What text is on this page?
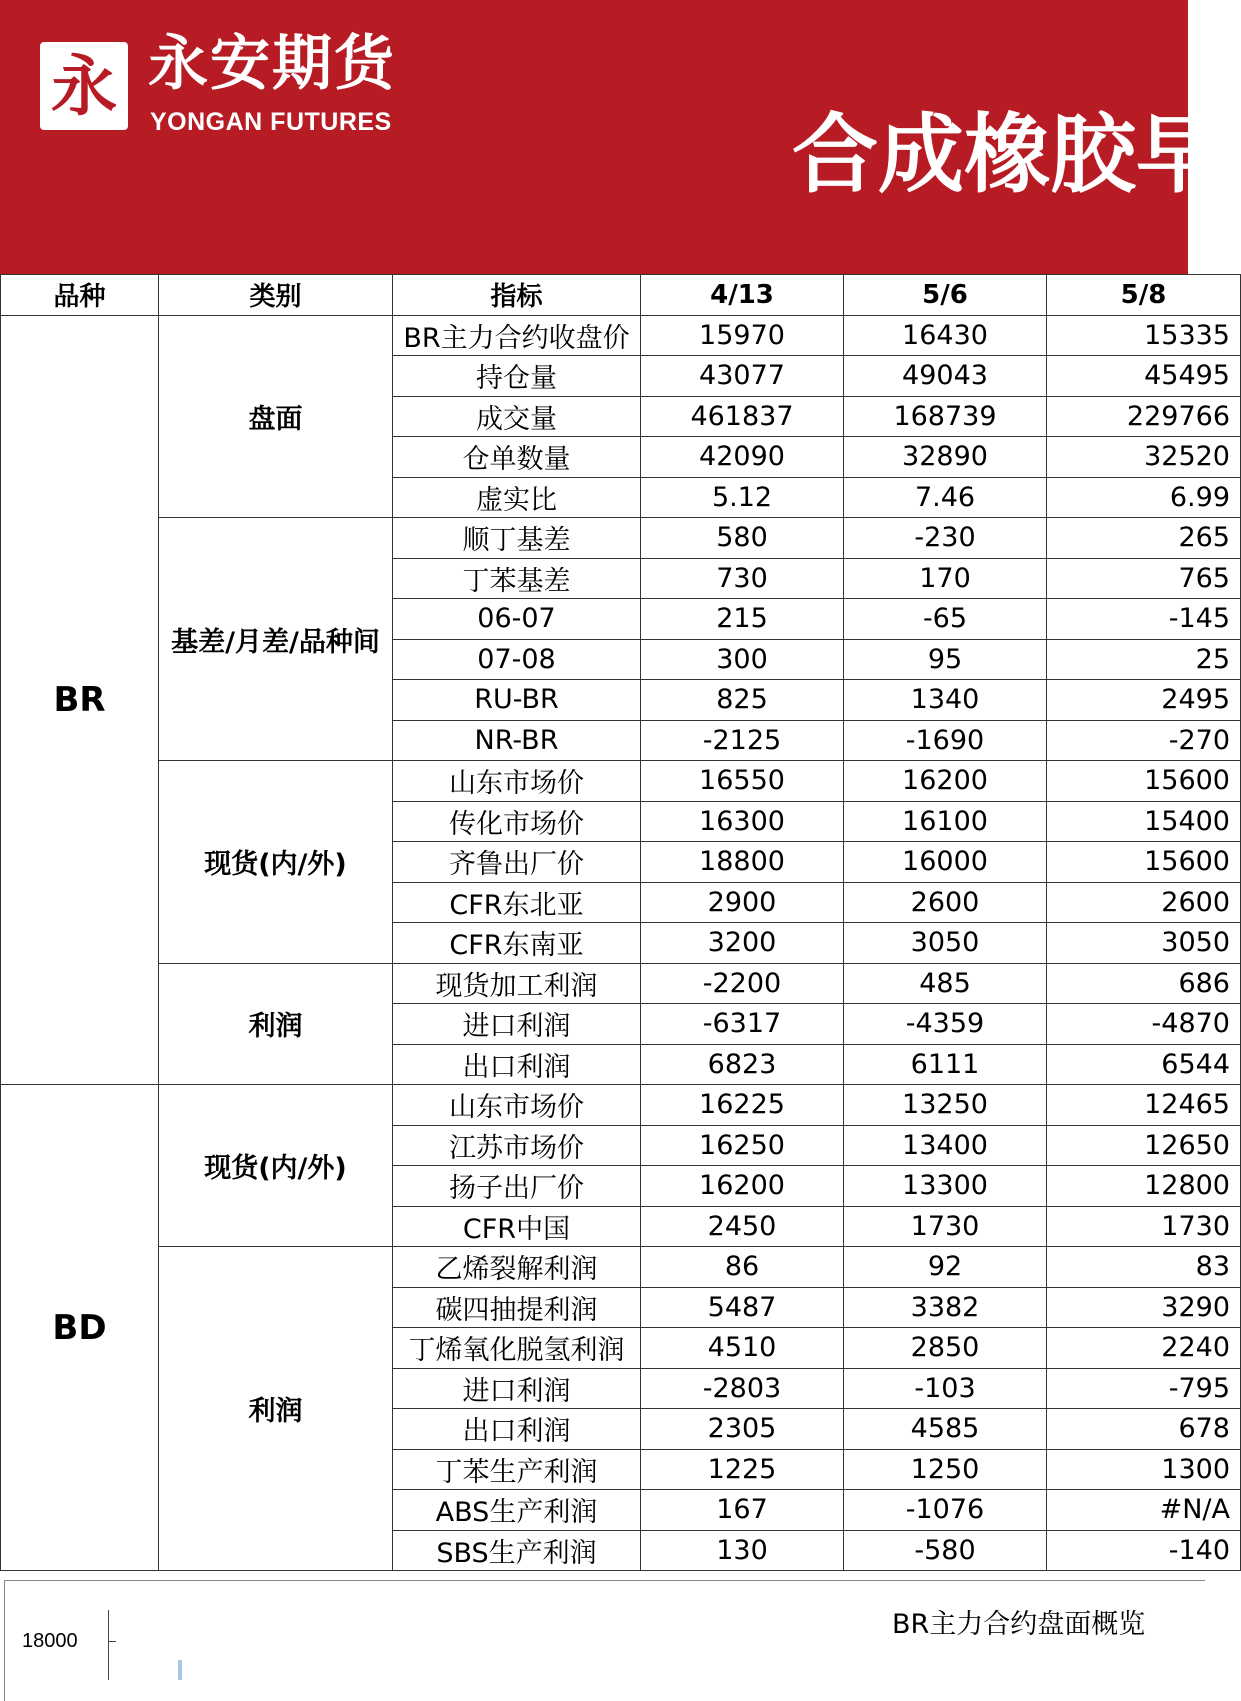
永 永安期货
YONGAN FUTURES	合成橡胶早
品种	类别	指标	4/13	5/6	5/8
BR	盘面	BR主力合约收盘价	15970	16430	15335
		持仓量	43077	49043	45495
		成交量	461837	168739	229766
		仓单数量	42090	32890	32520
		虚实比	5.12	7.46	6.99
	基差/月差/品种间	顺丁基差	580	-230	265
		丁苯基差	730	170	765
		06-07	215	-65	-145
		07-08	300	95	25
		RU-BR	825	1340	2495
		NR-BR	-2125	-1690	-270
	现货(内/外)	山东市场价	16550	16200	15600
		传化市场价	16300	16100	15400
		齐鲁出厂价	18800	16000	15600
		CFR东北亚	2900	2600	2600
		CFR东南亚	3200	3050	3050
	利润	现货加工利润	-2200	485	686
		进口利润	-6317	-4359	-4870
		出口利润	6823	6111	6544
BD	现货(内/外)	山东市场价	16225	13250	12465
		江苏市场价	16250	13400	12650
		扬子出厂价	16200	13300	12800
		CFR中国	2450	1730	1730
	利润	乙烯裂解利润	86	92	83
		碳四抽提利润	5487	3382	3290
		丁烯氧化脱氢利润	4510	2850	2240
		进口利润	-2803	-103	-795
		出口利润	2305	4585	678
		丁苯生产利润	1225	1250	1300
		ABS生产利润	167	-1076	#N/A
		SBS生产利润	130	-580	-140
18000
BR主力合约盘面概览
